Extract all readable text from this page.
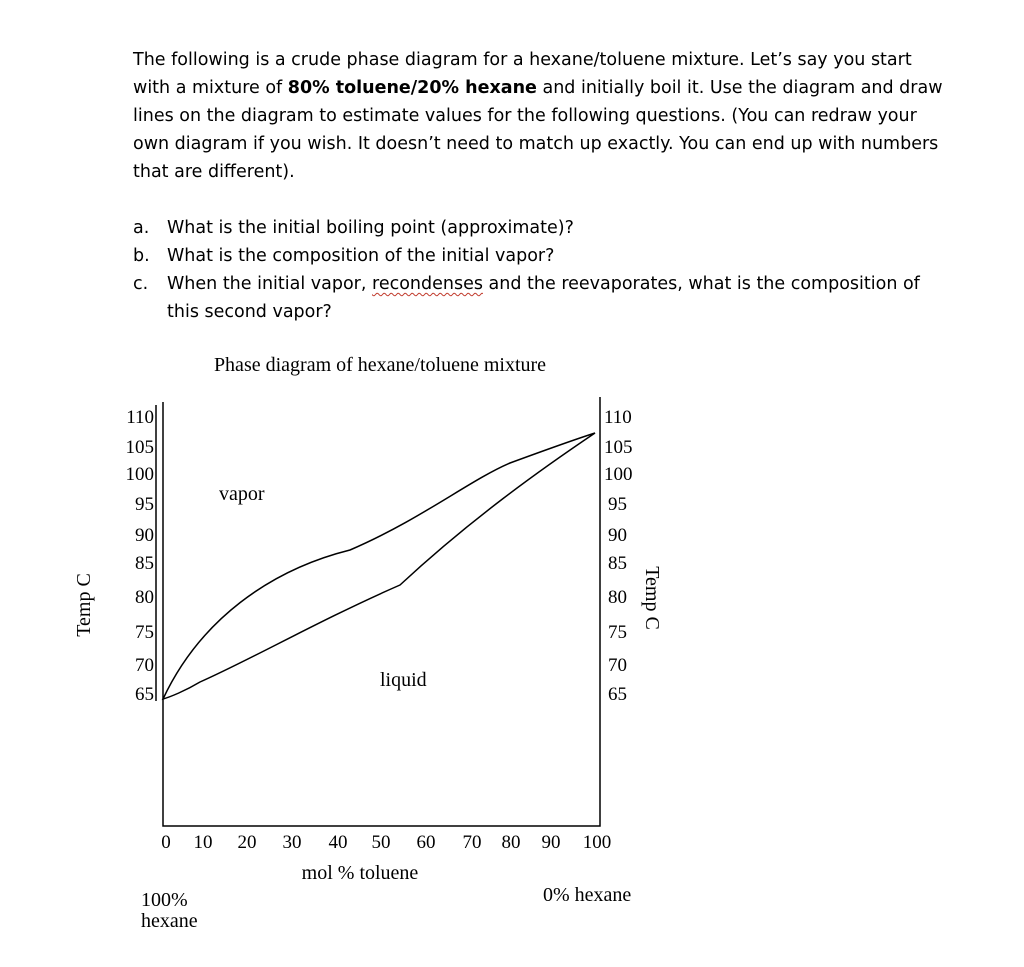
The following is a crude phase diagram for a hexane/toluene mixture. Let’s say you start with a mixture of 80% toluene/20% hexane and initially boil it. Use the diagram and draw lines on the diagram to estimate values for the following questions. (You can redraw your own diagram if you wish. It doesn’t need to match up exactly. You can end up with numbers that are different).

a. What is the initial boiling point (approximate)?
b. What is the composition of the initial vapor?
c. When the initial vapor, recondenses and the reevaporates, what is the composition of this second vapor?
Phase diagram of hexane/toluene mixture
110
105
100
95
90
85
80
75
70
65
110
105
100
95
90
85
80
75
70
65
vapor
liquid
Temp C	Temp C
0 10 20 30 40 50 60 70 80 90 100
mol % toluene
100%
hexane
0% hexane
